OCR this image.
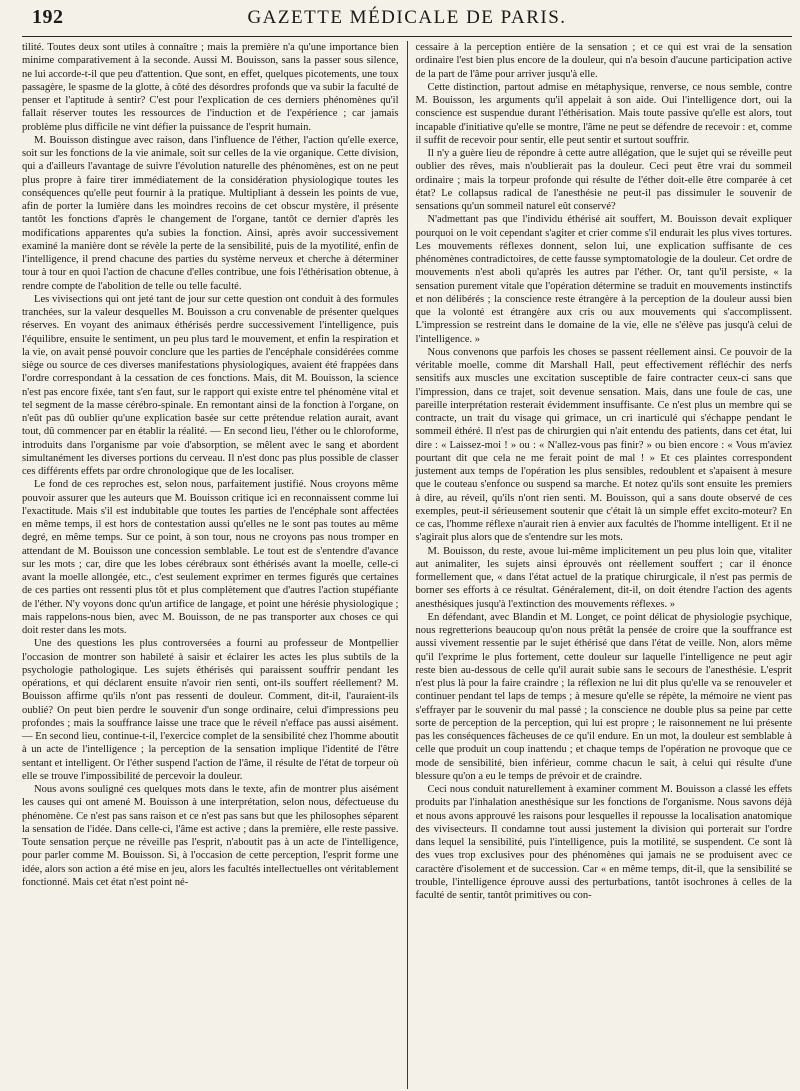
192	GAZETTE MÉDICALE DE PARIS.

tilité. Toutes deux sont utiles à connaître ; mais la première n'a qu'une importance bien minime comparativement à la seconde. Aussi M. Bouisson, sans la passer sous silence, ne lui accorde-t-il que peu d'attention. Que sont, en effet, quelques picotements, une toux passagère, le spasme de la glotte, à côté des désordres profonds que va subir la faculté de penser et l'aptitude à sentir? C'est pour l'explication de ces derniers phénomènes qu'il fallait réserver toutes les ressources de l'induction et de l'expérience ; car jamais problème plus difficile ne vint défier la puissance de l'esprit humain.

M. Bouisson distingue avec raison, dans l'influence de l'éther, l'action qu'elle exerce, soit sur les fonctions de la vie animale, soit sur celles de la vie organique. Cette division, qui a d'ailleurs l'avantage de suivre l'évolution naturelle des phénomènes, est on ne peut plus propre à faire tirer immédiatement de la considération physiologique toutes les conséquences qu'elle peut fournir à la pratique. Multipliant à dessein les points de vue, afin de porter la lumière dans les moindres recoins de cet obscur mystère, il présente tantôt les fonctions d'après le changement de l'organe, tantôt ce dernier d'après les modifications apparentes qu'a subies la fonction. Ainsi, après avoir successivement examiné la manière dont se révèle la perte de la sensibilité, puis de la myotilité, enfin de l'intelligence, il prend chacune des parties du système nerveux et cherche à déterminer tour à tour en quoi l'action de chacune d'elles contribue, une fois l'éthérisation obtenue, à rendre compte de l'abolition de telle ou telle faculté.

Les vivisections qui ont jeté tant de jour sur cette question ont conduit à des formules tranchées, sur la valeur desquelles M. Bouisson a cru convenable de présenter quelques réserves. En voyant des animaux éthérisés perdre successivement l'intelligence, puis l'équilibre, ensuite le sentiment, un peu plus tard le mouvement, et enfin la respiration et la vie, on avait pensé pouvoir conclure que les parties de l'encéphale considérées comme siège ou source de ces diverses manifestations physiologiques, avaient été frappées dans l'ordre correspondant à la cessation de ces fonctions. Mais, dit M. Bouisson, la science n'est pas encore fixée, tant s'en faut, sur le rapport qui existe entre tel phénomène vital et tel segment de la masse cérébro-spinale. En remontant ainsi de la fonction à l'organe, on n'eût pas dû oublier qu'une explication basée sur cette prétendue relation aurait, avant tout, dû commencer par en établir la réalité. — En second lieu, l'éther ou le chloroforme, introduits dans l'organisme par voie d'absorption, se mêlent avec le sang et abordent simultanément les diverses portions du cerveau. Il n'est donc pas plus possible de classer ces différents effets par ordre chronologique que de les localiser.

Le fond de ces reproches est, selon nous, parfaitement justifié. Nous croyons même pouvoir assurer que les auteurs que M. Bouisson critique ici en reconnaissent comme lui l'exactitude. Mais s'il est indubitable que toutes les parties de l'encéphale sont affectées en même temps, il est hors de contestation aussi qu'elles ne le sont pas toutes au même degré, en même temps. Sur ce point, à son tour, nous ne croyons pas nous tromper en attendant de M. Bouisson une concession semblable. Le tout est de s'entendre d'avance sur les mots ; car, dire que les lobes cérébraux sont éthérisés avant la moelle, celle-ci avant la moelle allongée, etc., c'est seulement exprimer en termes figurés que certaines de ces parties ont ressenti plus tôt et plus complètement que d'autres l'action stupéfiante de l'éther. N'y voyons donc qu'un artifice de langage, et point une hérésie physiologique ; mais rappelons-nous bien, avec M. Bouisson, de ne pas transporter aux choses ce qui doit rester dans les mots.

Une des questions les plus controversées a fourni au professeur de Montpellier l'occasion de montrer son habileté à saisir et éclairer les actes les plus subtils de la psychologie pathologique. Les sujets éthérisés qui paraissent souffrir pendant les opérations, et qui déclarent ensuite n'avoir rien senti, ont-ils souffert réellement? M. Bouisson affirme qu'ils n'ont pas ressenti de douleur. Comment, dit-il, l'auraient-ils oublié? On peut bien perdre le souvenir d'un songe ordinaire, celui d'impressions peu profondes ; mais la souffrance laisse une trace que le réveil n'efface pas aussi aisément. — En second lieu, continue-t-il, l'exercice complet de la sensibilité chez l'homme aboutit à un acte de l'intelligence ; la perception de la sensation implique l'identité de l'être sentant et intelligent. Or l'éther suspend l'action de l'âme, il résulte de l'état de torpeur où elle se trouve l'impossibilité de percevoir la douleur.

Nous avons souligné ces quelques mots dans le texte, afin de montrer plus aisément les causes qui ont amené M. Bouisson à une interprétation, selon nous, défectueuse du phénomène. Ce n'est pas sans raison et ce n'est pas sans but que les philosophes séparent la sensation de l'idée. Dans celle-ci, l'âme est active ; dans la première, elle reste passive. Toute sensation perçue ne réveille pas l'esprit, n'aboutit pas à un acte de l'intelligence, pour parler comme M. Bouisson. Si, à l'occasion de cette perception, l'esprit forme une idée, alors son action a été mise en jeu, alors les facultés intellectuelles ont véritablement fonctionné. Mais cet état n'est point né-

cessaire à la perception entière de la sensation ; et ce qui est vrai de la sensation ordinaire l'est bien plus encore de la douleur, qui n'a besoin d'aucune participation active de la part de l'âme pour arriver jusqu'à elle.

Cette distinction, partout admise en métaphysique, renverse, ce nous semble, contre M. Bouisson, les arguments qu'il appelait à son aide. Oui l'intelligence dort, oui la conscience est suspendue durant l'éthérisation. Mais toute passive qu'elle est alors, tout incapable d'initiative qu'elle se montre, l'âme ne peut se défendre de recevoir : et, comme il suffit de recevoir pour sentir, elle peut sentir et surtout souffrir.

Il n'y a guère lieu de répondre à cette autre allégation, que le sujet qui se réveille peut oublier des rêves, mais n'oublierait pas la douleur. Ceci peut être vrai du sommeil ordinaire ; mais la torpeur profonde qui résulte de l'éther doit-elle être comparée à cet état? Le collapsus radical de l'anesthésie ne peut-il pas dissimuler le souvenir de sensations qu'un sommeil naturel eût conservé?

N'admettant pas que l'individu éthérisé ait souffert, M. Bouisson devait expliquer pourquoi on le voit cependant s'agiter et crier comme s'il endurait les plus vives tortures. Les mouvements réflexes donnent, selon lui, une explication suffisante de ces phénomènes contradictoires, de cette fausse symptomatologie de la douleur. Cet ordre de mouvements n'est aboli qu'après les autres par l'éther. Or, tant qu'il persiste, « la sensation purement vitale que l'opération détermine se traduit en mouvements instinctifs et non délibérés ; la conscience reste étrangère à la perception de la douleur aussi bien que la volonté est étrangère aux cris ou aux mouvements qui s'accomplissent. L'impression se restreint dans le domaine de la vie, elle ne s'élève pas jusqu'à celui de l'intelligence. »

Nous convenons que parfois les choses se passent réellement ainsi. Ce pouvoir de la véritable moelle, comme dit Marshall Hall, peut effectivement réfléchir des nerfs sensitifs aux muscles une excitation susceptible de faire contracter ceux-ci sans que l'impression, dans ce trajet, soit devenue sensation. Mais, dans une foule de cas, une pareille interprétation resterait évidemment insuffisante. Ce n'est plus un membre qui se contracte, un trait du visage qui grimace, un cri inarticulé qui s'échappe pendant le sommeil éthéré. Il n'est pas de chirurgien qui n'ait entendu des patients, dans cet état, lui dire : « Laissez-moi ! » ou : « N'allez-vous pas finir? » ou bien encore : « Vous m'aviez pourtant dit que cela ne me ferait point de mal ! » Et ces plaintes correspondent justement aux temps de l'opération les plus sensibles, redoublent et s'apaisent à mesure que le couteau s'enfonce ou suspend sa marche. Et notez qu'ils sont ensuite les premiers à dire, au réveil, qu'ils n'ont rien senti. M. Bouisson, qui a sans doute observé de ces exemples, peut-il sérieusement soutenir que c'était là un simple effet excito-moteur? En ce cas, l'homme réflexe n'aurait rien à envier aux facultés de l'homme intelligent. Et il ne s'agirait plus alors que de s'entendre sur les mots.

M. Bouisson, du reste, avoue lui-même implicitement un peu plus loin que, vitaliter aut animaliter, les sujets ainsi éprouvés ont réellement souffert ; car il énonce formellement que, « dans l'état actuel de la pratique chirurgicale, il n'est pas permis de borner ses efforts à ce résultat. Généralement, dit-il, on doit étendre l'action des agents anesthésiques jusqu'à l'extinction des mouvements réflexes. »

En défendant, avec Blandin et M. Longet, ce point délicat de physiologie psychique, nous regretterions beaucoup qu'on nous prêtât la pensée de croire que la souffrance est aussi vivement ressentie par le sujet éthérisé que dans l'état de veille. Non, alors même qu'il l'exprime le plus fortement, cette douleur sur laquelle l'intelligence ne peut agir reste bien au-dessous de celle qu'il aurait subie sans le secours de l'anesthésie. L'esprit n'est plus là pour la faire craindre ; la réflexion ne lui dit plus qu'elle va se renouveler et continuer pendant tel laps de temps ; à mesure qu'elle se répète, la mémoire ne vient pas s'effrayer par le souvenir du mal passé ; la conscience ne double plus sa peine par cette sorte de perception de la perception, qui lui est propre ; le raisonnement ne lui présente pas les conséquences fâcheuses de ce qu'il endure. En un mot, la douleur est semblable à celle que produit un coup inattendu ; et chaque temps de l'opération ne provoque que ce mode de sensibilité, bien inférieur, comme chacun le sait, à celui qui résulte d'une blessure qu'on a eu le temps de prévoir et de craindre.

Ceci nous conduit naturellement à examiner comment M. Bouisson a classé les effets produits par l'inhalation anesthésique sur les fonctions de l'organisme. Nous savons déjà et nous avons approuvé les raisons pour lesquelles il repousse la localisation anatomique des vivisecteurs. Il condamne tout aussi justement la division qui porterait sur l'ordre dans lequel la sensibilité, puis l'intelligence, puis la motilité, se suspendent. Ce sont là des vues trop exclusives pour des phénomènes qui jamais ne se produisent avec ce caractère d'isolement et de succession. Car « en même temps, dit-il, que la sensibilité se trouble, l'intelligence éprouve aussi des perturbations, tantôt isochrones à celles de la faculté de sentir, tantôt primitives ou con-
